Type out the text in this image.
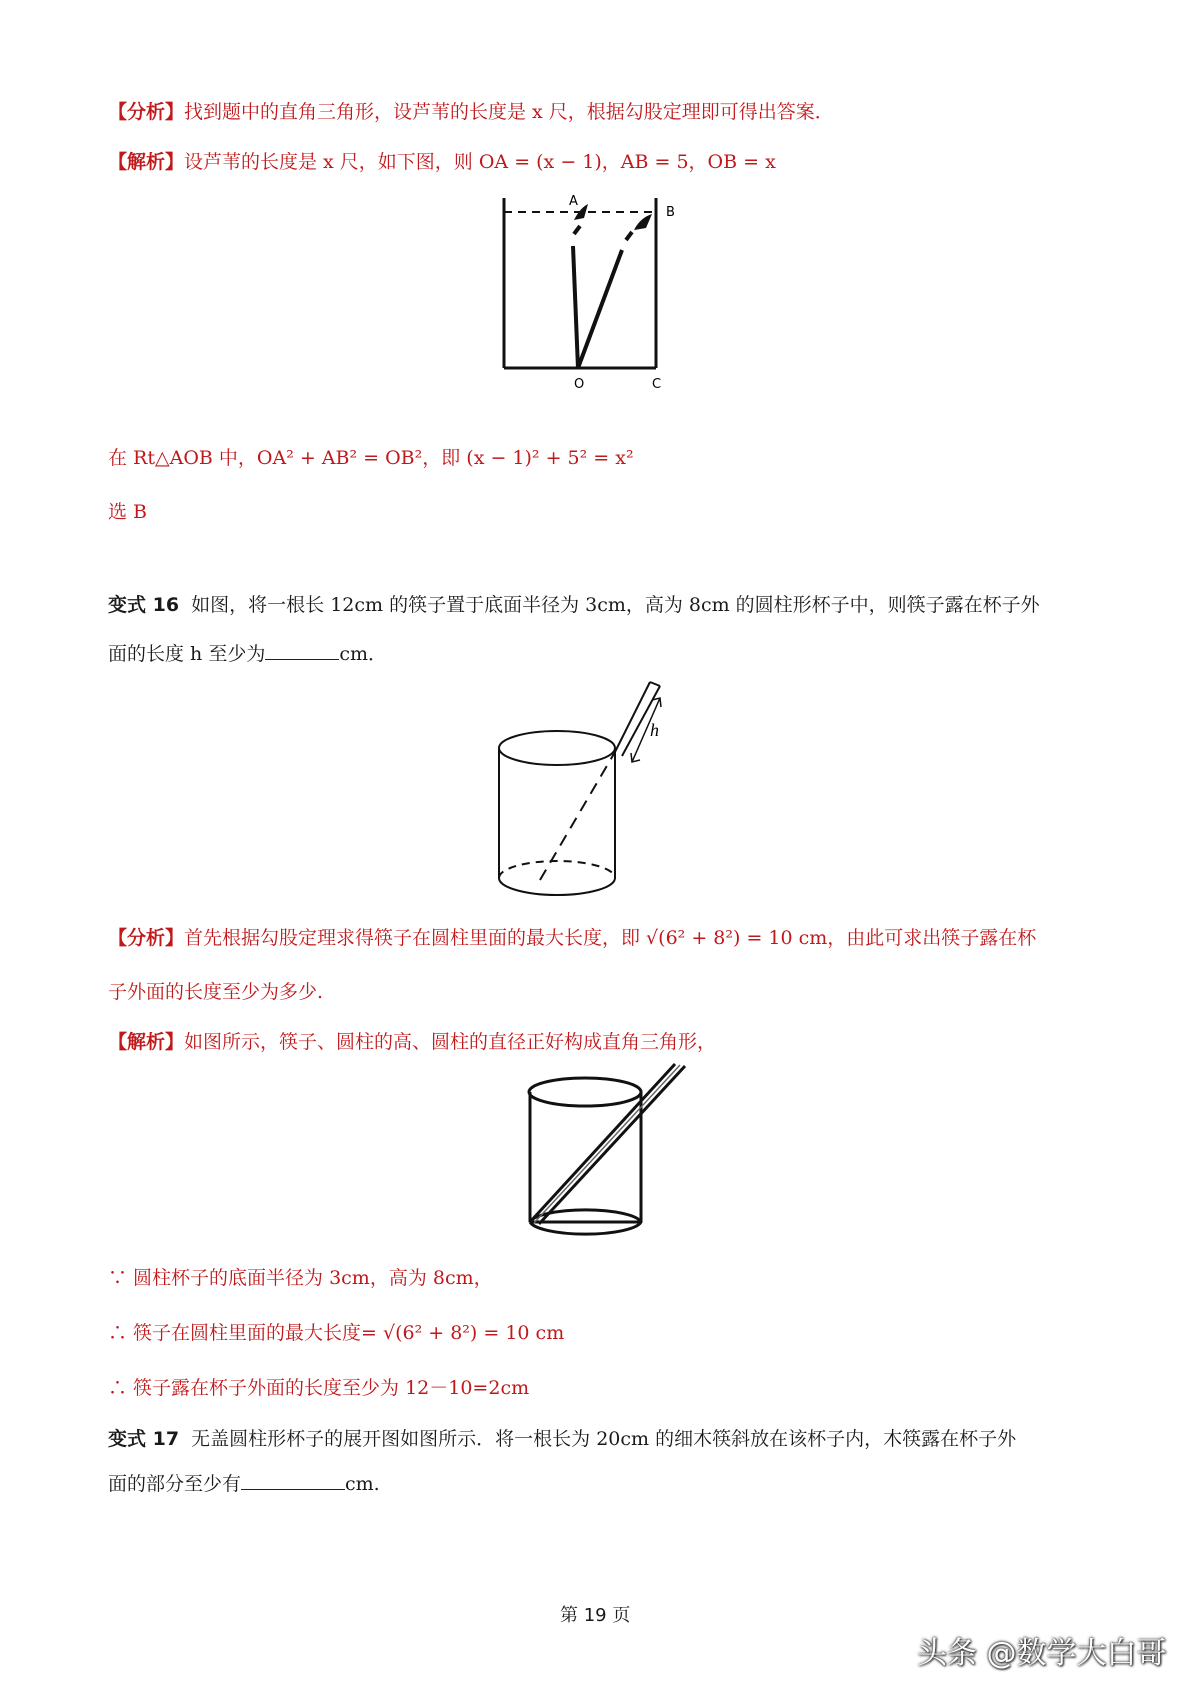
【分析】找到题中的直角三角形，设芦苇的长度是 x 尺，根据勾股定理即可得出答案．
【解析】设芦苇的长度是 x 尺，如下图，则 OA = (x − 1)，AB = 5，OB = x
A
B
O	C
在 Rt△AOB 中，OA² + AB² = OB²，即 (x − 1)² + 5² = x²
选 B
变式 16 如图，将一根长 12cm 的筷子置于底面半径为 3cm，高为 8cm 的圆柱形杯子中，则筷子露在杯子外
面的长度 h 至少为	cm．
h
【分析】首先根据勾股定理求得筷子在圆柱里面的最大长度，即 √(6² + 8²) = 10 cm，由此可求出筷子露在杯
子外面的长度至少为多少.
【解析】如图所示，筷子、圆柱的高、圆柱的直径正好构成直角三角形，
∵ 圆柱杯子的底面半径为 3cm，高为 8cm，
∴ 筷子在圆柱里面的最大长度= √(6² + 8²) = 10 cm
∴ 筷子露在杯子外面的长度至少为 12－10=2cm
变式 17 无盖圆柱形杯子的展开图如图所示．将一根长为 20cm 的细木筷斜放在该杯子内，木筷露在杯子外
面的部分至少有	cm.
第 19 页
头条 @数学大白哥
